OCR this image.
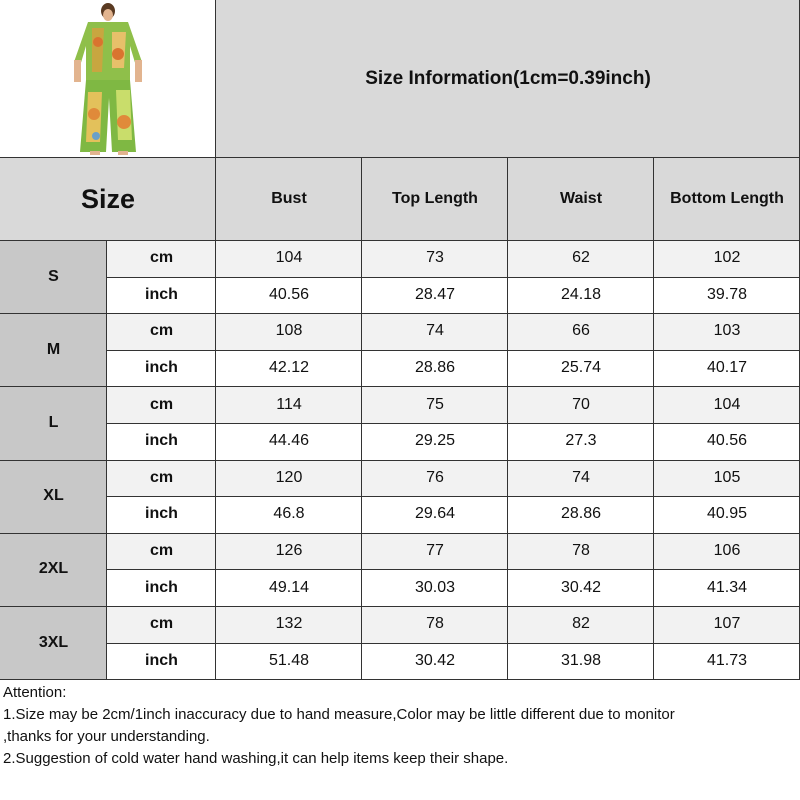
Size Information(1cm=0.39inch)
Size	Bust	Top Length	Waist	Bottom Length
S
cm	104	73	62	102
inch	40.56	28.47	24.18	39.78
M
cm	108	74	66	103
inch	42.12	28.86	25.74	40.17
L
cm	114	75	70	104
inch	44.46	29.25	27.3	40.56
XL
cm	120	76	74	105
inch	46.8	29.64	28.86	40.95
2XL
cm	126	77	78	106
inch	49.14	30.03	30.42	41.34
3XL
cm	132	78	82	107
inch	51.48	30.42	31.98	41.73
Attention:
1.Size may be 2cm/1inch inaccuracy due to hand measure,Color may be little different due to monitor
,thanks for your understanding.
2.Suggestion of cold water hand washing,it can help items keep their shape.
